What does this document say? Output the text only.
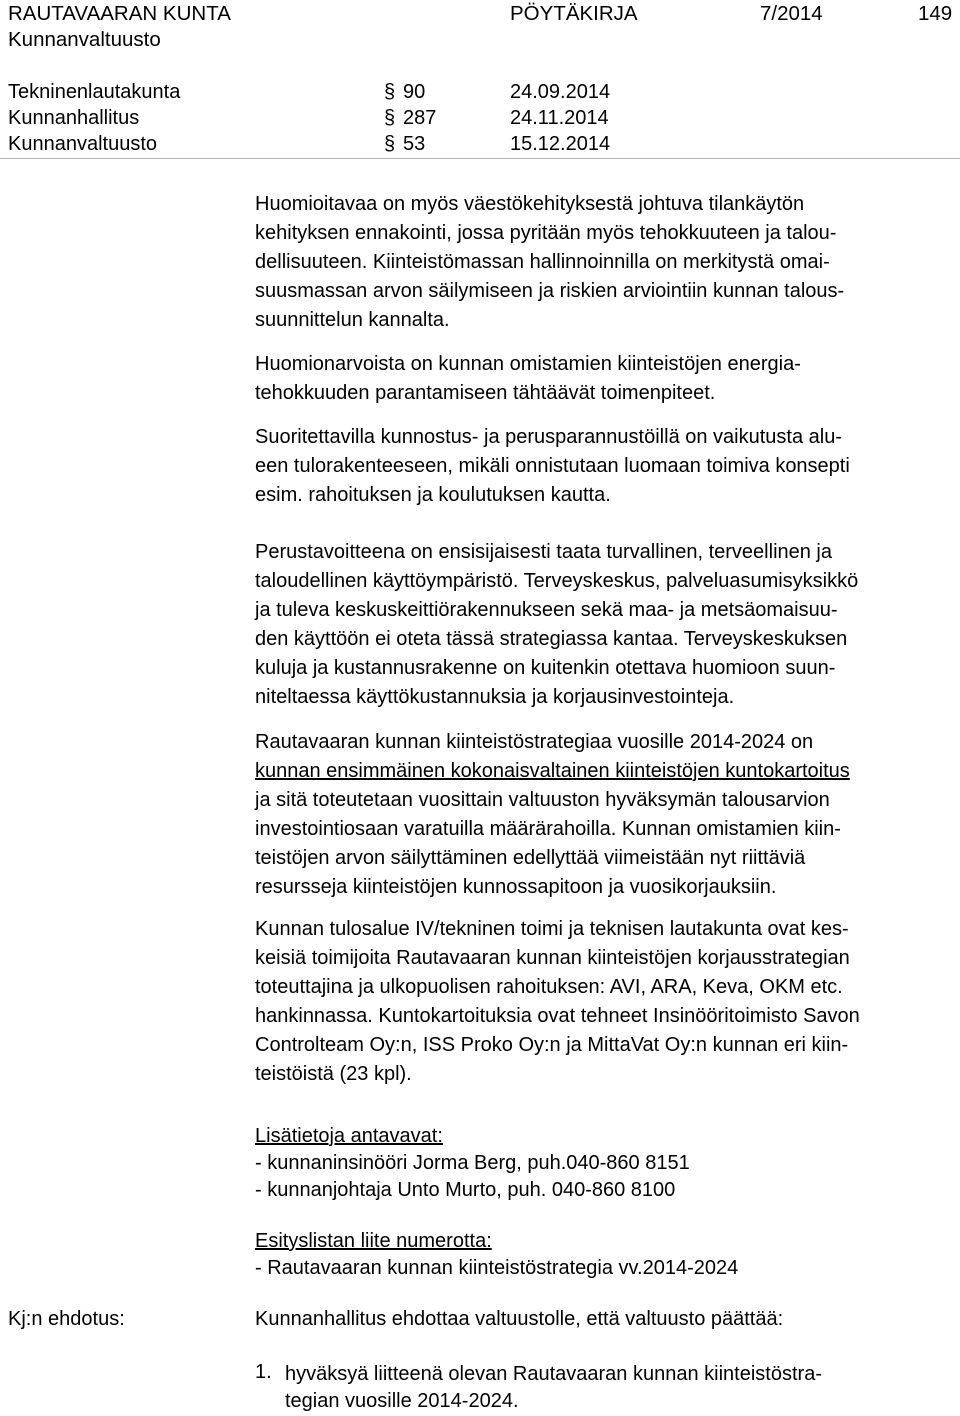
RAUTAVAARAN KUNTA
Kunnanvaltuusto
PÖYTÄKIRJA	7/2014	149
Tekninenlautakunta	§ 90	24.09.2014
Kunnanhallitus	§ 287	24.11.2014
Kunnanvaltuusto	§ 53	15.12.2014

Huomioitavaa on myös väestökehityksestä johtuva tilankäytön

kehityksen ennakointi, jossa pyritään myös tehokkuuteen ja talou-

dellisuuteen. Kiinteistömassan hallinnoinnilla on merkitystä omai-

suusmassan arvon säilymiseen ja riskien arviointiin kunnan talous-

suunnittelun kannalta.

Huomionarvoista on kunnan omistamien kiinteistöjen energia-

tehokkuuden parantamiseen tähtäävät toimenpiteet.

Suoritettavilla kunnostus- ja perusparannustöillä on vaikutusta alu-

een tulorakenteeseen, mikäli onnistutaan luomaan toimiva konsepti

esim. rahoituksen ja koulutuksen kautta.

Perustavoitteena on ensisijaisesti taata turvallinen, terveellinen ja

taloudellinen käyttöympäristö. Terveyskeskus, palveluasumisyksikkö

ja tuleva keskuskeittiörakennukseen sekä maa- ja metsäomaisuu-

den käyttöön ei oteta tässä strategiassa kantaa. Terveyskeskuksen

kuluja ja kustannusrakenne on kuitenkin otettava huomioon suun-

niteltaessa käyttökustannuksia ja korjausinvestointeja.

Rautavaaran kunnan kiinteistöstrategiaa vuosille 2014-2024 on

kunnan ensimmäinen kokonaisvaltainen kiinteistöjen kuntokartoitus

ja sitä toteutetaan vuosittain valtuuston hyväksymän talousarvion

investointiosaan varatuilla määrärahoilla. Kunnan omistamien kiin-

teistöjen arvon säilyttäminen edellyttää viimeistään nyt riittäviä

resursseja kiinteistöjen kunnossapitoon ja vuosikorjauksiin.

Kunnan tulosalue IV/tekninen toimi ja teknisen lautakunta ovat kes-

keisiä toimijoita Rautavaaran kunnan kiinteistöjen korjausstrategian

toteuttajina ja ulkopuolisen rahoituksen: AVI, ARA, Keva, OKM etc.

hankinnassa. Kuntokartoituksia ovat tehneet Insinööritoimisto Savon

Controlteam Oy:n, ISS Proko Oy:n ja MittaVat Oy:n kunnan eri kiin-

teistöistä (23 kpl).

Lisätietoja antavavat:

- kunnaninsinööri Jorma Berg, puh.040-860 8151

- kunnanjohtaja Unto Murto, puh. 040-860 8100

Esityslistan liite numerotta:

- Rautavaaran kunnan kiinteistöstrategia vv.2014-2024

Kj:n ehdotus:	Kunnanhallitus ehdottaa valtuustolle, että valtuusto päättää:
1. hyväksyä liitteenä olevan Rautavaaran kunnan kiinteistöstra-

tegian vuosille 2014-2024.
